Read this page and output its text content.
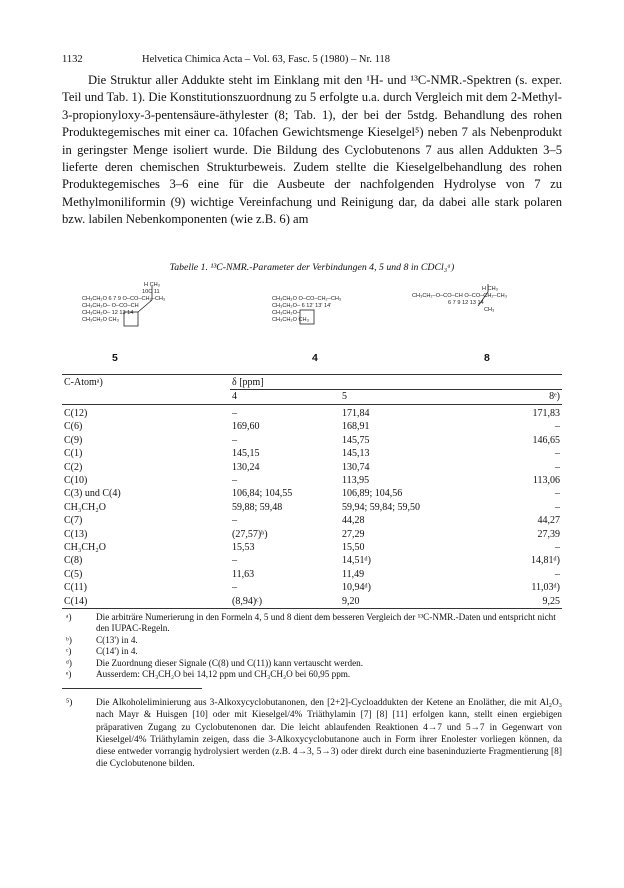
1132	Helvetica Chimica Acta – Vol. 63, Fasc. 5 (1980) – Nr. 118

Die Struktur aller Addukte steht im Einklang mit den ¹H- und ¹³C-NMR.-Spektren (s. exper. Teil und Tab. 1). Die Konstitutionszuordnung zu 5 erfolgte u.a. durch Vergleich mit dem 2-Methyl-3-propionyloxy-3-pentensäure-äthylester (8; Tab. 1), der bei der 5stdg. Behandlung des rohen Produktegemisches mit einer ca. 10fachen Gewichtsmenge Kieselgel⁵) neben 7 als Nebenprodukt in geringster Menge isoliert wurde. Die Bildung des Cyclobutenons 7 aus allen Addukten 3–5 lieferte deren chemischen Strukturbeweis. Zudem stellte die Kieselgelbehandlung des rohen Produktegemisches 3–6 eine für die Ausbeute der nachfolgenden Hydrolyse von 7 zu Methylmoniliformin (9) wichtige Vereinfachung und Reinigung dar, da dabei alle stark polaren bzw. labilen Nebenkomponenten (wie z.B. 6) am

Tabelle 1. ¹³C-NMR.-Parameter der Verbindungen 4, 5 und 8 in CDCl₃ᵃ)
H CH₃
10C 11
CH₃CH₂O 6 7 9 O–CO–CH₂–CH₃
CH₃CH₂O– O–CO–CH
CH₃CH₂O– 12 13 14
CH₃CH₂O CH₃
5
CH₃CH₂O O–CO–CH₂–CH₃
CH₃CH₂O– 6 12' 13' 14'
CH₃CH₂O–
CH₃CH₂O CH₃
4
H CH₃
CH₃CH₂–O–CO–CH O–CO–CH₂–CH₃
6 7 9 12 13 14
CH₃
8
C-Atomᵃ)	δ [ppm]
4	5	8ᵉ)
C(12)	–	171,84	171,83
C(6)	169,60	168,91	–
C(9)	–	145,75	146,65
C(1)	145,15	145,13	–
C(2)	130,24	130,74	–
C(10)	–	113,95	113,06
C(3) und C(4)	106,84; 104,55	106,89; 104,56	–
CH₃CH₂O	59,88; 59,48	59,94; 59,84; 59,50	–
C(7)	–	44,28	44,27
C(13)	(27,57)ᵇ)	27,29	27,39
CH₃CH₂O	15,53	15,50	–
C(8)	–	14,51ᵈ)	14,81ᵈ)
C(5)	11,63	11,49	–
C(11)	–	10,94ᵈ)	11,03ᵈ)
C(14)	(8,94)ᶜ)	9,20	9,25
ᵃ)	Die arbiträre Numerierung in den Formeln 4, 5 und 8 dient dem besseren Vergleich der ¹³C-NMR.-Daten und entspricht nicht den IUPAC-Regeln.
ᵇ)	C(13') in 4.
ᶜ)	C(14') in 4.
ᵈ)	Die Zuordnung dieser Signale (C(8) und C(11)) kann vertauscht werden.
ᵉ)	Ausserdem: CH₃CH₂O bei 14,12 ppm und CH₃CH₂O bei 60,95 ppm.
⁵)	Die Alkoholeliminierung aus 3-Alkoxycyclobutanonen, den [2+2]-Cycloaddukten der Ketene an Enoläther, die mit Al₂O₃ nach Mayr & Huisgen [10] oder mit Kieselgel/4% Triäthylamin [7] [8] [11] erfolgen kann, stellt einen ergiebigen präparativen Zugang zu Cyclobutenonen dar. Die leicht ablaufenden Reaktionen 4→7 und 5→7 in Gegenwart von Kieselgel/4% Triäthylamin zeigen, dass die 3-Alkoxycyclobutanone auch in Form ihrer Enolester vorliegen können, da diese entweder vorrangig hydrolysiert werden (z.B. 4→3, 5→3) oder direkt durch eine baseninduzierte Fragmentierung [8] die Cyclobutenone bilden.
